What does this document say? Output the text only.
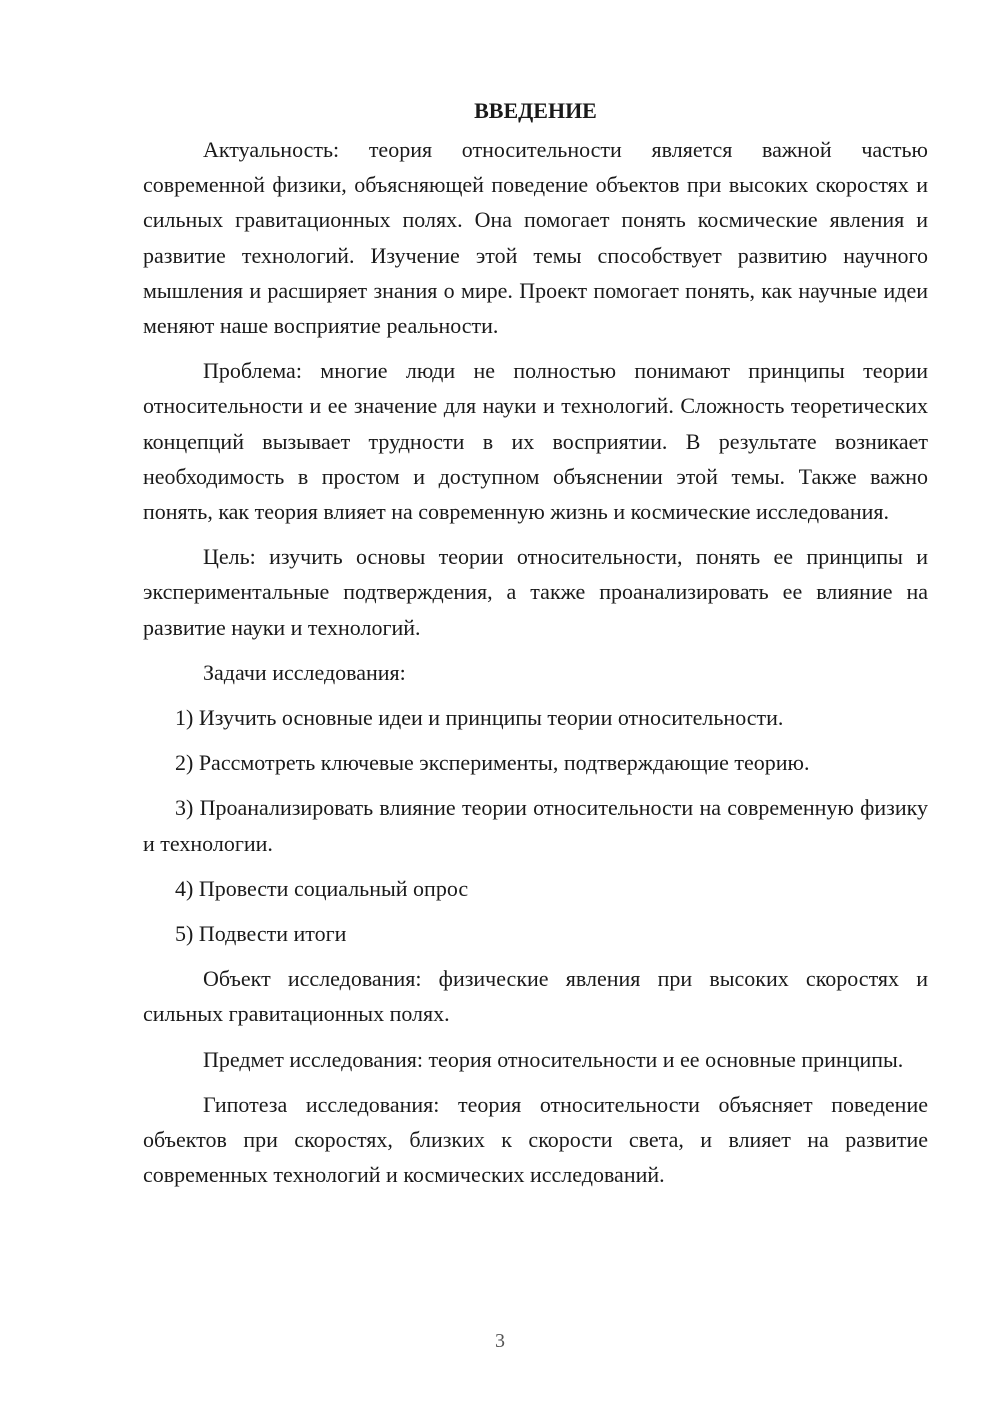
ВВЕДЕНИЕ

Актуальность: теория относительности является важной частью современной физики, объясняющей поведение объектов при высоких скоростях и сильных гравитационных полях. Она помогает понять космические явления и развитие технологий. Изучение этой темы способствует развитию научного мышления и расширяет знания о мире. Проект помогает понять, как научные идеи меняют наше восприятие реальности.

Проблема: многие люди не полностью понимают принципы теории относительности и ее значение для науки и технологий. Сложность теоретических концепций вызывает трудности в их восприятии. В результате возникает необходимость в простом и доступном объяснении этой темы. Также важно понять, как теория влияет на современную жизнь и космические исследования.

Цель: изучить основы теории относительности, понять ее принципы и экспериментальные подтверждения, а также проанализировать ее влияние на развитие науки и технологий.

Задачи исследования:

1) Изучить основные идеи и принципы теории относительности.

2) Рассмотреть ключевые эксперименты, подтверждающие теорию.

3) Проанализировать влияние теории относительности на современную физику и технологии.

4) Провести социальный опрос

5) Подвести итоги

Объект исследования: физические явления при высоких скоростях и сильных гравитационных полях.

Предмет исследования: теория относительности и ее основные принципы.

Гипотеза исследования: теория относительности объясняет поведение объектов при скоростях, близких к скорости света, и влияет на развитие современных технологий и космических исследований.

3
